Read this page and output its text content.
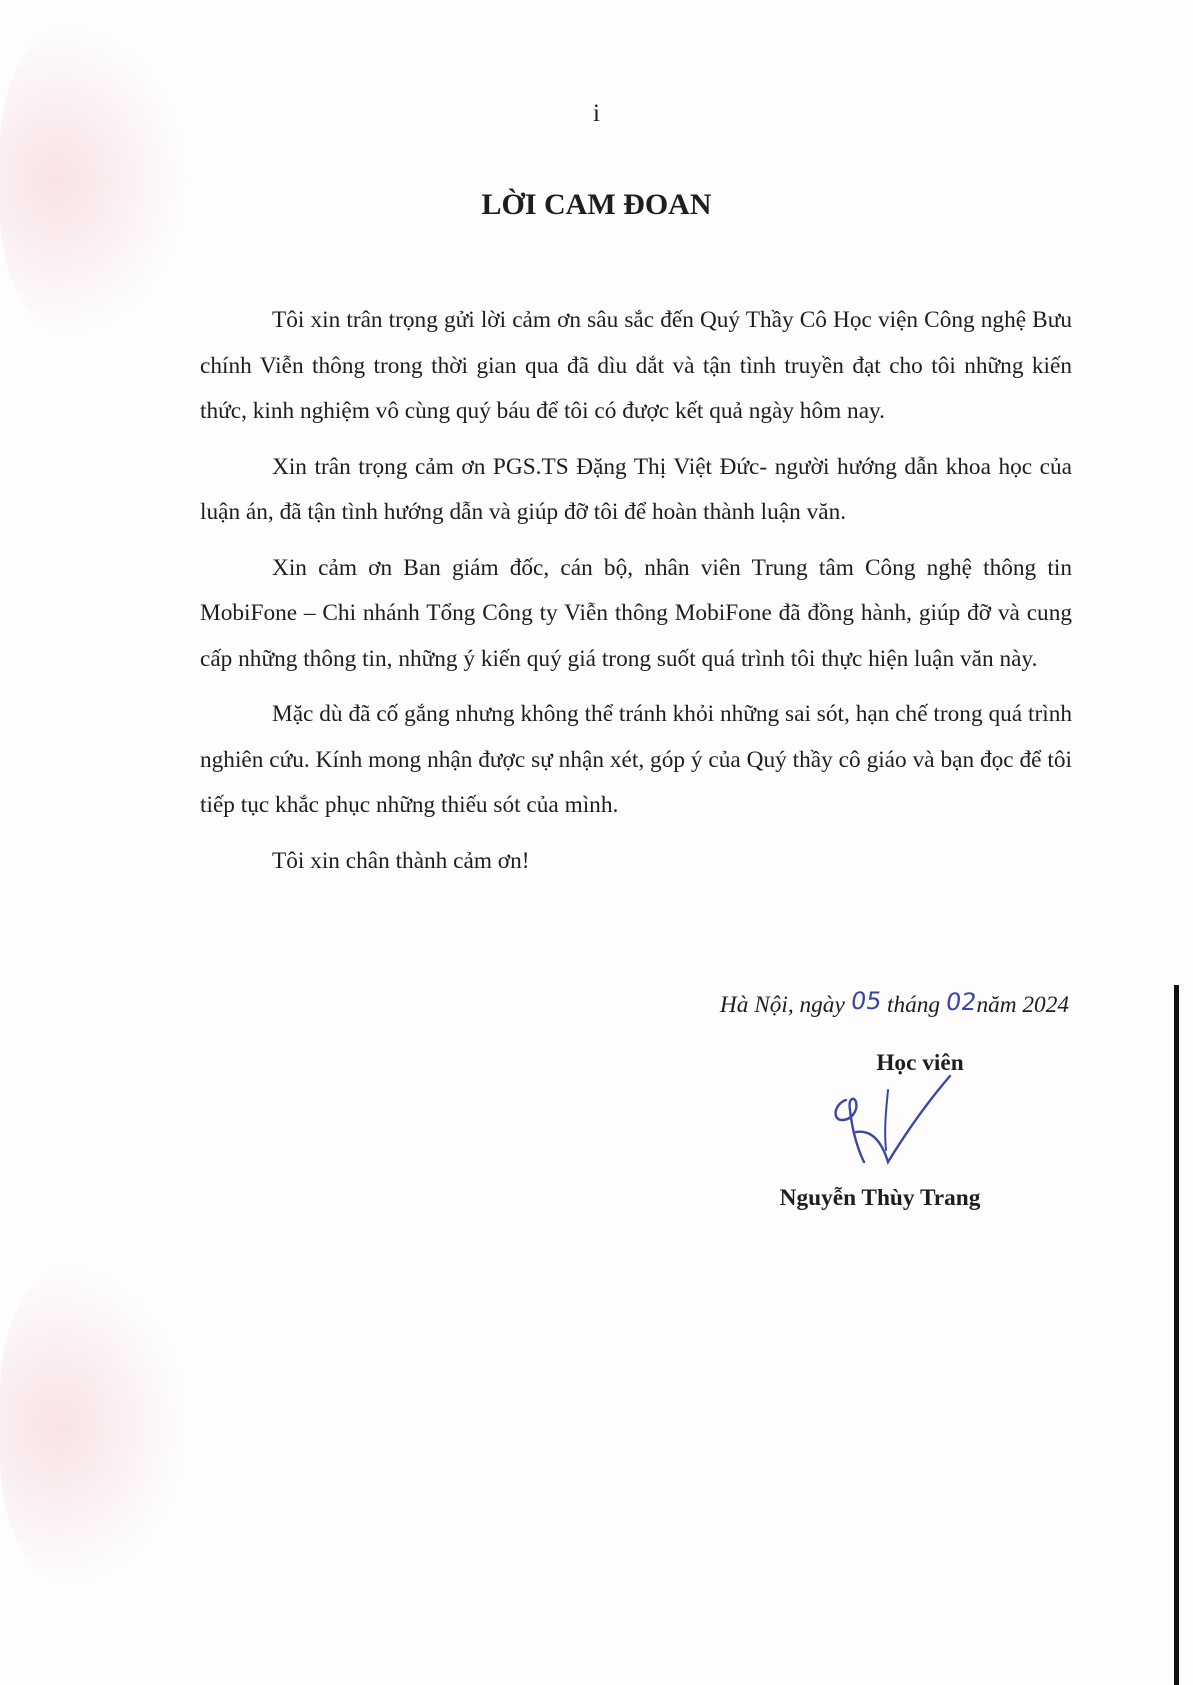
i
LỜI CAM ĐOAN

Tôi xin trân trọng gửi lời cảm ơn sâu sắc đến Quý Thầy Cô Học viện Công nghệ Bưu chính Viễn thông trong thời gian qua đã dìu dắt và tận tình truyền đạt cho tôi những kiến thức, kinh nghiệm vô cùng quý báu để tôi có được kết quả ngày hôm nay.

Xin trân trọng cảm ơn PGS.TS Đặng Thị Việt Đức- người hướng dẫn khoa học của luận án, đã tận tình hướng dẫn và giúp đỡ tôi để hoàn thành luận văn.

Xin cảm ơn Ban giám đốc, cán bộ, nhân viên Trung tâm Công nghệ thông tin MobiFone – Chi nhánh Tổng Công ty Viễn thông MobiFone đã đồng hành, giúp đỡ và cung cấp những thông tin, những ý kiến quý giá trong suốt quá trình tôi thực hiện luận văn này.

Mặc dù đã cố gắng nhưng không thể tránh khỏi những sai sót, hạn chế trong quá trình nghiên cứu. Kính mong nhận được sự nhận xét, góp ý của Quý thầy cô giáo và bạn đọc để tôi tiếp tục khắc phục những thiếu sót của mình.

Tôi xin chân thành cảm ơn!

Hà Nội, ngày 05 tháng 02năm 2024

Học viên

Nguyễn Thùy Trang
